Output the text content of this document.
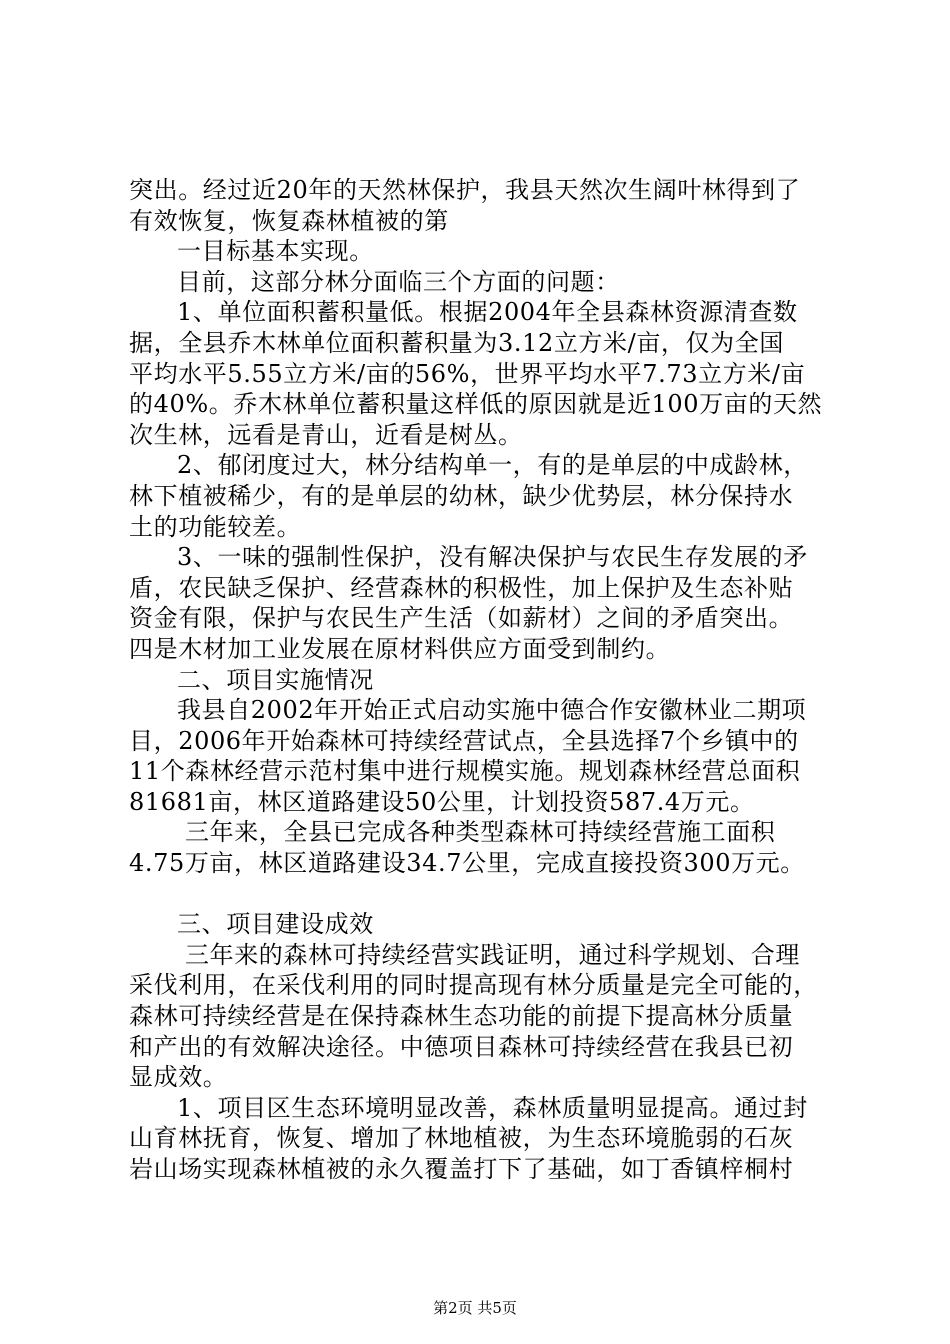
突出。经过近20年的天然林保护，我县天然次生阔叶林得到了
有效恢复，恢复森林植被的第
一目标基本实现。
目前，这部分林分面临三个方面的问题：
1、单位面积蓄积量低。根据2004年全县森林资源清查数
据，全县乔木林单位面积蓄积量为3.12立方米/亩，仅为全国
平均水平5.55立方米/亩的56%，世界平均水平7.73立方米/亩
的40%。乔木林单位蓄积量这样低的原因就是近100万亩的天然
次生林，远看是青山，近看是树丛。
2、郁闭度过大，林分结构单一，有的是单层的中成龄林，
林下植被稀少，有的是单层的幼林，缺少优势层，林分保持水
土的功能较差。
3、一味的强制性保护，没有解决保护与农民生存发展的矛
盾，农民缺乏保护、经营森林的积极性，加上保护及生态补贴
资金有限，保护与农民生产生活（如薪材）之间的矛盾突出。
四是木材加工业发展在原材料供应方面受到制约。
二、项目实施情况
我县自2002年开始正式启动实施中德合作安徽林业二期项
目，2006年开始森林可持续经营试点，全县选择7个乡镇中的
11个森林经营示范村集中进行规模实施。规划森林经营总面积
81681亩，林区道路建设50公里，计划投资587.4万元。
三年来，全县已完成各种类型森林可持续经营施工面积
4.75万亩，林区道路建设34.7公里，完成直接投资300万元。
三、项目建设成效
三年来的森林可持续经营实践证明，通过科学规划、合理
采伐利用，在采伐利用的同时提高现有林分质量是完全可能的，
森林可持续经营是在保持森林生态功能的前提下提高林分质量
和产出的有效解决途径。中德项目森林可持续经营在我县已初
显成效。
1、项目区生态环境明显改善，森林质量明显提高。通过封
山育林抚育，恢复、增加了林地植被，为生态环境脆弱的石灰
岩山场实现森林植被的永久覆盖打下了基础，如丁香镇梓桐村
第2页 共5页
